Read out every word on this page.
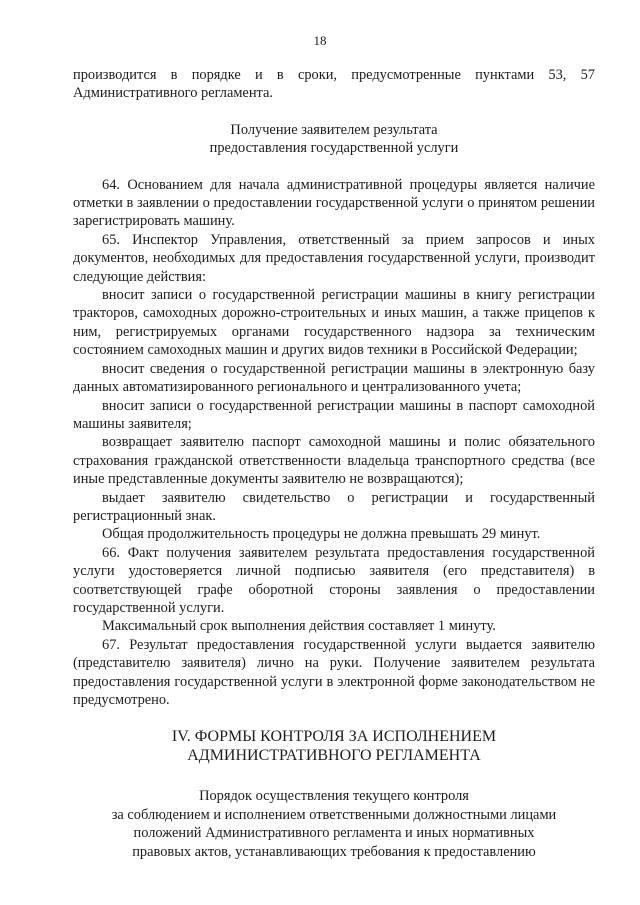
18

производится в порядке и в сроки, предусмотренные пунктами 53, 57 Административного регламента.

Получение заявителем результата
предоставления государственной услуги

64. Основанием для начала административной процедуры является наличие отметки в заявлении о предоставлении государственной услуги о принятом решении зарегистрировать машину.

65. Инспектор Управления, ответственный за прием запросов и иных документов, необходимых для предоставления государственной услуги, производит следующие действия:

вносит записи о государственной регистрации машины в книгу регистрации тракторов, самоходных дорожно-строительных и иных машин, а также прицепов к ним, регистрируемых органами государственного надзора за техническим состоянием самоходных машин и других видов техники в Российской Федерации;

вносит сведения о государственной регистрации машины в электронную базу данных автоматизированного регионального и централизованного учета;

вносит записи о государственной регистрации машины в паспорт самоходной машины заявителя;

возвращает заявителю паспорт самоходной машины и полис обязательного страхования гражданской ответственности владельца транспортного средства (все иные представленные документы заявителю не возвращаются);

выдает заявителю свидетельство о регистрации и государственный регистрационный знак.

Общая продолжительность процедуры не должна превышать 29 минут.

66. Факт получения заявителем результата предоставления государственной услуги удостоверяется личной подписью заявителя (его представителя) в соответствующей графе оборотной стороны заявления о предоставлении государственной услуги.

Максимальный срок выполнения действия составляет 1 минуту.

67. Результат предоставления государственной услуги выдается заявителю (представителю заявителя) лично на руки. Получение заявителем результата предоставления государственной услуги в электронной форме законодательством не предусмотрено.

IV. ФОРМЫ КОНТРОЛЯ ЗА ИСПОЛНЕНИЕМ
АДМИНИСТРАТИВНОГО РЕГЛАМЕНТА
Порядок осуществления текущего контроля
за соблюдением и исполнением ответственными должностными лицами
положений Административного регламента и иных нормативных
правовых актов, устанавливающих требования к предоставлению
